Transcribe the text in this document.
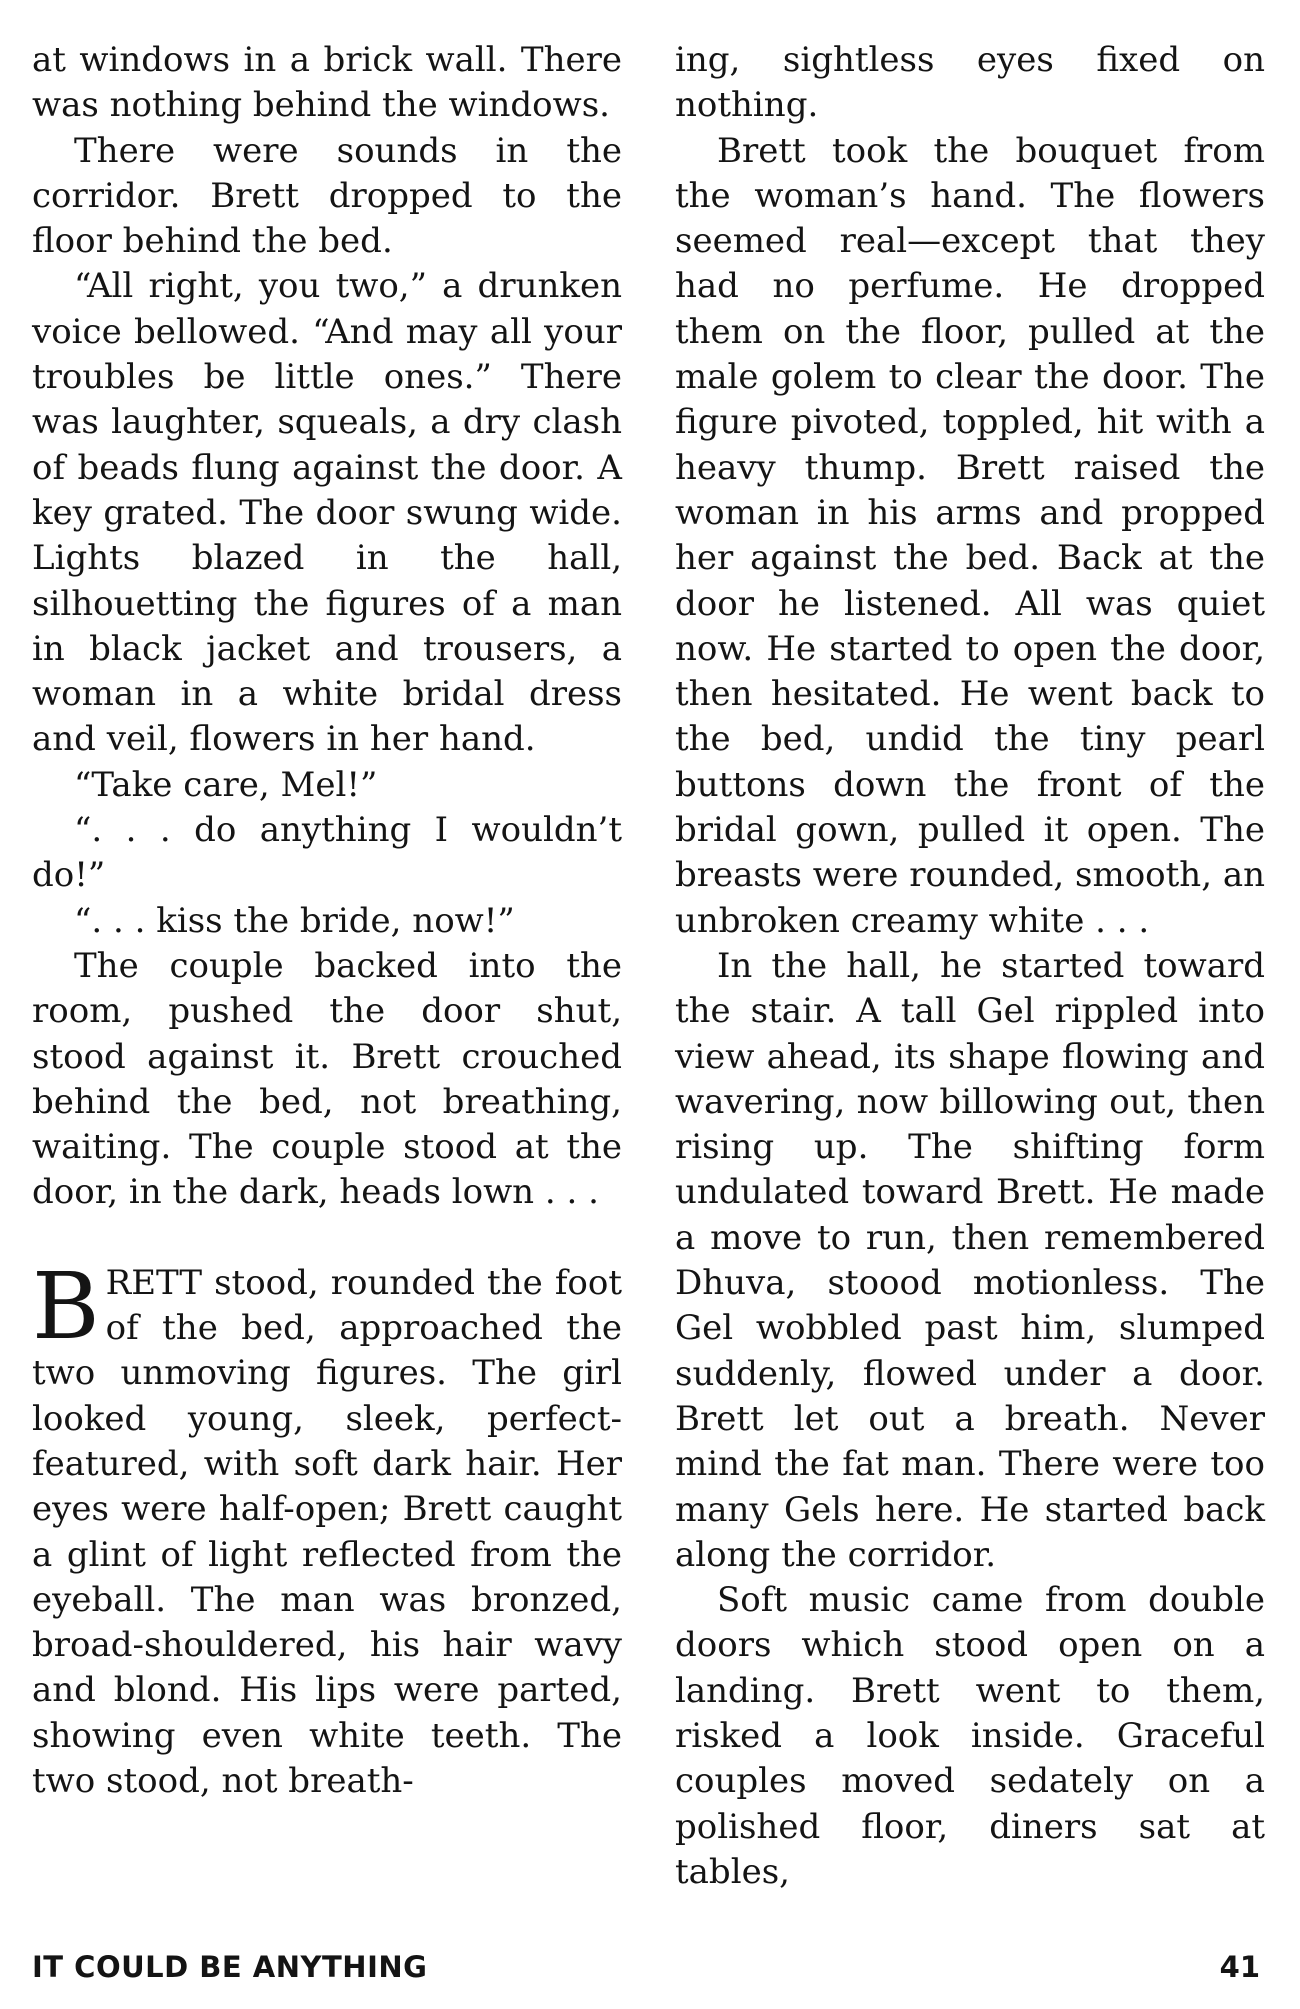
at windows in a brick wall. There was nothing behind the windows.

There were sounds in the corridor. Brett dropped to the floor behind the bed.

“All right, you two,” a drunken voice bellowed. “And may all your troubles be little ones.” There was laughter, squeals, a dry clash of beads flung against the door. A key grated. The door swung wide. Lights blazed in the hall, silhouetting the figures of a man in black jacket and trousers, a woman in a white bridal dress and veil, flowers in her hand.

“Take care, Mel!”

“. . . do anything I wouldn’t do!”

“. . . kiss the bride, now!”

The couple backed into the room, pushed the door shut, stood against it. Brett crouched behind the bed, not breathing, waiting. The couple stood at the door, in the dark, heads lown . . .

BRETT stood, rounded the foot of the bed, approached the two unmoving figures. The girl looked young, sleek, perfect-featured, with soft dark hair. Her eyes were half-open; Brett caught a glint of light reflected from the eyeball. The man was bronzed, broad-shouldered, his hair wavy and blond. His lips were parted, showing even white teeth. The two stood, not breath-

ing, sightless eyes fixed on nothing.

Brett took the bouquet from the woman’s hand. The flowers seemed real—except that they had no perfume. He dropped them on the floor, pulled at the male golem to clear the door. The figure pivoted, toppled, hit with a heavy thump. Brett raised the woman in his arms and propped her against the bed. Back at the door he listened. All was quiet now. He started to open the door, then hesitated. He went back to the bed, undid the tiny pearl buttons down the front of the bridal gown, pulled it open. The breasts were rounded, smooth, an unbroken creamy white . . .

In the hall, he started toward the stair. A tall Gel rippled into view ahead, its shape flowing and wavering, now billowing out, then rising up. The shifting form undulated toward Brett. He made a move to run, then remembered Dhuva, stoood motionless. The Gel wobbled past him, slumped suddenly, flowed under a door. Brett let out a breath. Never mind the fat man. There were too many Gels here. He started back along the corridor.

Soft music came from double doors which stood open on a landing. Brett went to them, risked a look inside. Graceful couples moved sedately on a polished floor, diners sat at tables,

IT COULD BE ANYTHING	41
